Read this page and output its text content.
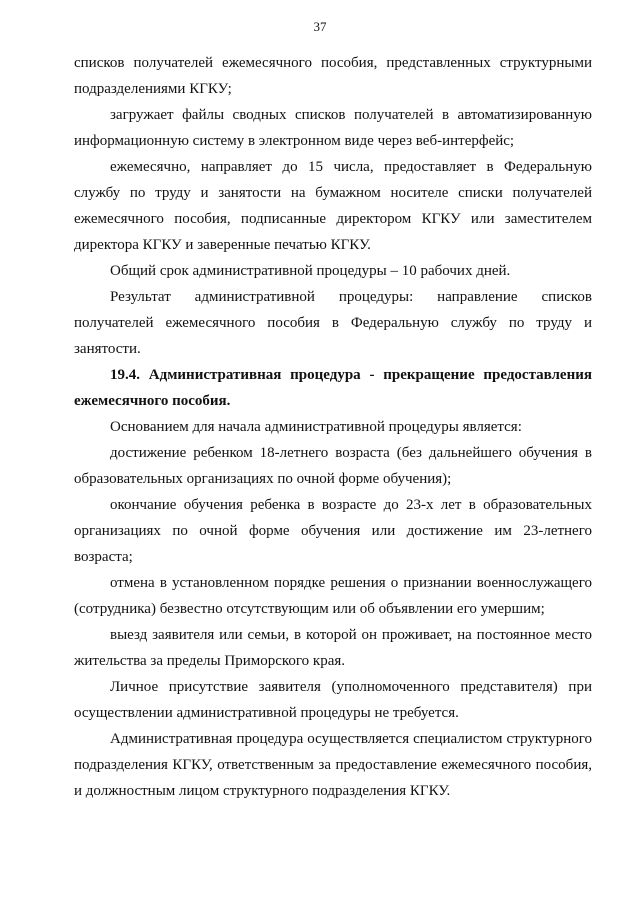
37

списков получателей ежемесячного пособия, представленных структурными подразделениями КГКУ;

загружает файлы сводных списков получателей в автоматизированную информационную систему в электронном виде через веб-интерфейс;

ежемесячно, направляет до 15 числа, предоставляет в Федеральную службу по труду и занятости на бумажном носителе списки получателей ежемесячного пособия, подписанные директором КГКУ или заместителем директора КГКУ и заверенные печатью КГКУ.

Общий срок административной процедуры – 10 рабочих дней.

Результат административной процедуры: направление списков получателей ежемесячного пособия в Федеральную службу по труду и занятости.

19.4. Административная процедура - прекращение предоставления ежемесячного пособия.

Основанием для начала административной процедуры является:

достижение ребенком 18-летнего возраста (без дальнейшего обучения в образовательных организациях по очной форме обучения);

окончание обучения ребенка в возрасте до 23-х лет в образовательных организациях по очной форме обучения или достижение им 23-летнего возраста;

отмена в установленном порядке решения о признании военнослужащего (сотрудника) безвестно отсутствующим или об объявлении его умершим;

выезд заявителя или семьи, в которой он проживает, на постоянное место жительства за пределы Приморского края.

Личное присутствие заявителя (уполномоченного представителя) при осуществлении административной процедуры не требуется.

Административная процедура осуществляется специалистом структурного подразделения КГКУ, ответственным за предоставление ежемесячного пособия, и должностным лицом структурного подразделения КГКУ.
